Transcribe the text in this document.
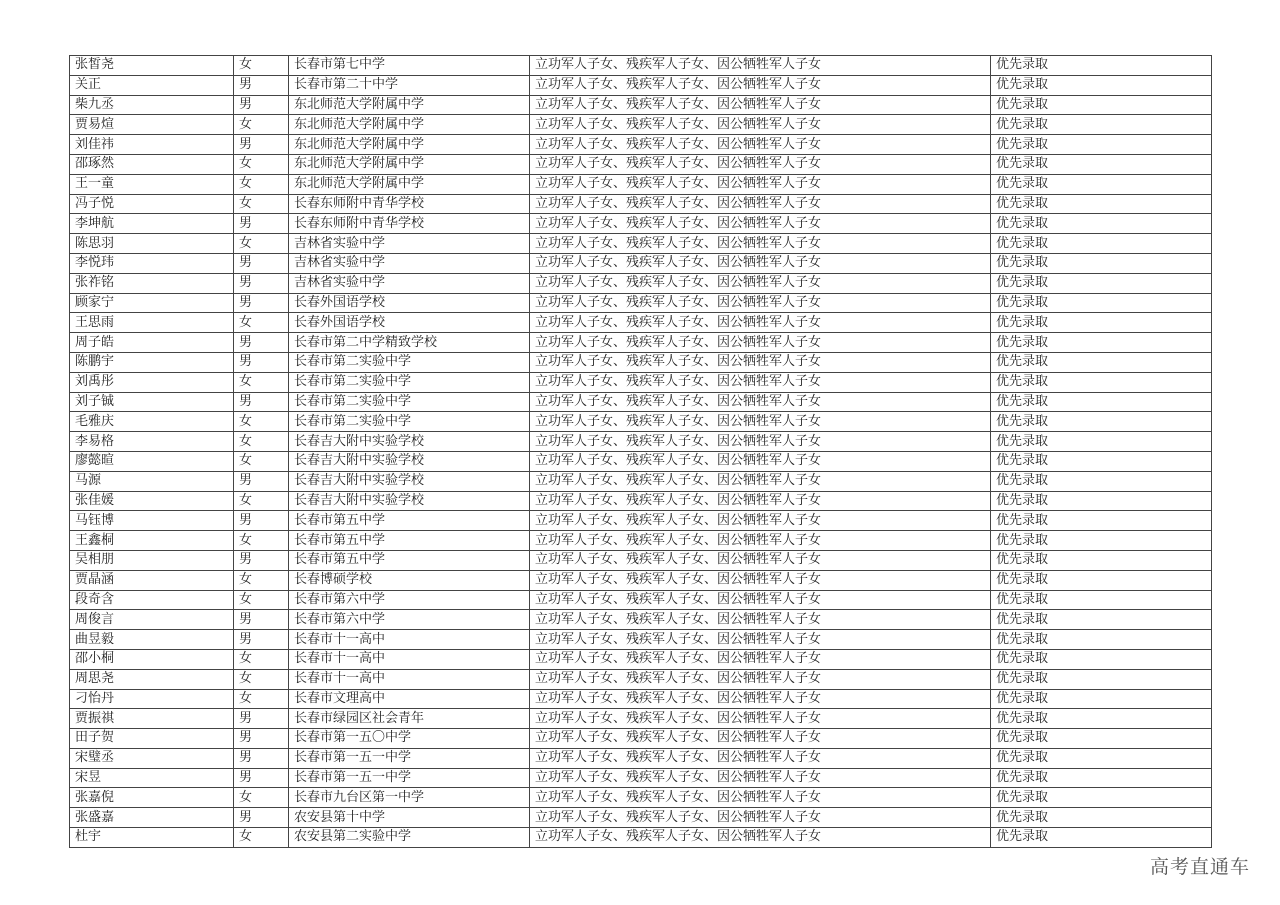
张皙尧	女	长春市第七中学	立功军人子女、残疾军人子女、因公牺牲军人子女	优先录取
关正	男	长春市第二十中学	立功军人子女、残疾军人子女、因公牺牲军人子女	优先录取
柴九丞	男	东北师范大学附属中学	立功军人子女、残疾军人子女、因公牺牲军人子女	优先录取
贾易煊	女	东北师范大学附属中学	立功军人子女、残疾军人子女、因公牺牲军人子女	优先录取
刘佳祎	男	东北师范大学附属中学	立功军人子女、残疾军人子女、因公牺牲军人子女	优先录取
邵琢然	女	东北师范大学附属中学	立功军人子女、残疾军人子女、因公牺牲军人子女	优先录取
王一童	女	东北师范大学附属中学	立功军人子女、残疾军人子女、因公牺牲军人子女	优先录取
冯子悦	女	长春东师附中青华学校	立功军人子女、残疾军人子女、因公牺牲军人子女	优先录取
李坤航	男	长春东师附中青华学校	立功军人子女、残疾军人子女、因公牺牲军人子女	优先录取
陈思羽	女	吉林省实验中学	立功军人子女、残疾军人子女、因公牺牲军人子女	优先录取
李悦玮	男	吉林省实验中学	立功军人子女、残疾军人子女、因公牺牲军人子女	优先录取
张祚铭	男	吉林省实验中学	立功军人子女、残疾军人子女、因公牺牲军人子女	优先录取
顾家宁	男	长春外国语学校	立功军人子女、残疾军人子女、因公牺牲军人子女	优先录取
王思雨	女	长春外国语学校	立功军人子女、残疾军人子女、因公牺牲军人子女	优先录取
周子皓	男	长春市第二中学精致学校	立功军人子女、残疾军人子女、因公牺牲军人子女	优先录取
陈鹏宇	男	长春市第二实验中学	立功军人子女、残疾军人子女、因公牺牲军人子女	优先录取
刘禹彤	女	长春市第二实验中学	立功军人子女、残疾军人子女、因公牺牲军人子女	优先录取
刘子铖	男	长春市第二实验中学	立功军人子女、残疾军人子女、因公牺牲军人子女	优先录取
毛雅庆	女	长春市第二实验中学	立功军人子女、残疾军人子女、因公牺牲军人子女	优先录取
李易格	女	长春吉大附中实验学校	立功军人子女、残疾军人子女、因公牺牲军人子女	优先录取
廖懿暄	女	长春吉大附中实验学校	立功军人子女、残疾军人子女、因公牺牲军人子女	优先录取
马源	男	长春吉大附中实验学校	立功军人子女、残疾军人子女、因公牺牲军人子女	优先录取
张佳媛	女	长春吉大附中实验学校	立功军人子女、残疾军人子女、因公牺牲军人子女	优先录取
马钰博	男	长春市第五中学	立功军人子女、残疾军人子女、因公牺牲军人子女	优先录取
王鑫桐	女	长春市第五中学	立功军人子女、残疾军人子女、因公牺牲军人子女	优先录取
吴相朋	男	长春市第五中学	立功军人子女、残疾军人子女、因公牺牲军人子女	优先录取
贾晶涵	女	长春博硕学校	立功军人子女、残疾军人子女、因公牺牲军人子女	优先录取
段奇含	女	长春市第六中学	立功军人子女、残疾军人子女、因公牺牲军人子女	优先录取
周俊言	男	长春市第六中学	立功军人子女、残疾军人子女、因公牺牲军人子女	优先录取
曲昱毅	男	长春市十一高中	立功军人子女、残疾军人子女、因公牺牲军人子女	优先录取
邵小桐	女	长春市十一高中	立功军人子女、残疾军人子女、因公牺牲军人子女	优先录取
周思尧	女	长春市十一高中	立功军人子女、残疾军人子女、因公牺牲军人子女	优先录取
刁怡丹	女	长春市文理高中	立功军人子女、残疾军人子女、因公牺牲军人子女	优先录取
贾振祺	男	长春市绿园区社会青年	立功军人子女、残疾军人子女、因公牺牲军人子女	优先录取
田子贺	男	长春市第一五〇中学	立功军人子女、残疾军人子女、因公牺牲军人子女	优先录取
宋璧丞	男	长春市第一五一中学	立功军人子女、残疾军人子女、因公牺牲军人子女	优先录取
宋昱	男	长春市第一五一中学	立功军人子女、残疾军人子女、因公牺牲军人子女	优先录取
张嘉倪	女	长春市九台区第一中学	立功军人子女、残疾军人子女、因公牺牲军人子女	优先录取
张盛嘉	男	农安县第十中学	立功军人子女、残疾军人子女、因公牺牲军人子女	优先录取
杜宇	女	农安县第二实验中学	立功军人子女、残疾军人子女、因公牺牲军人子女	优先录取
高考直通车
